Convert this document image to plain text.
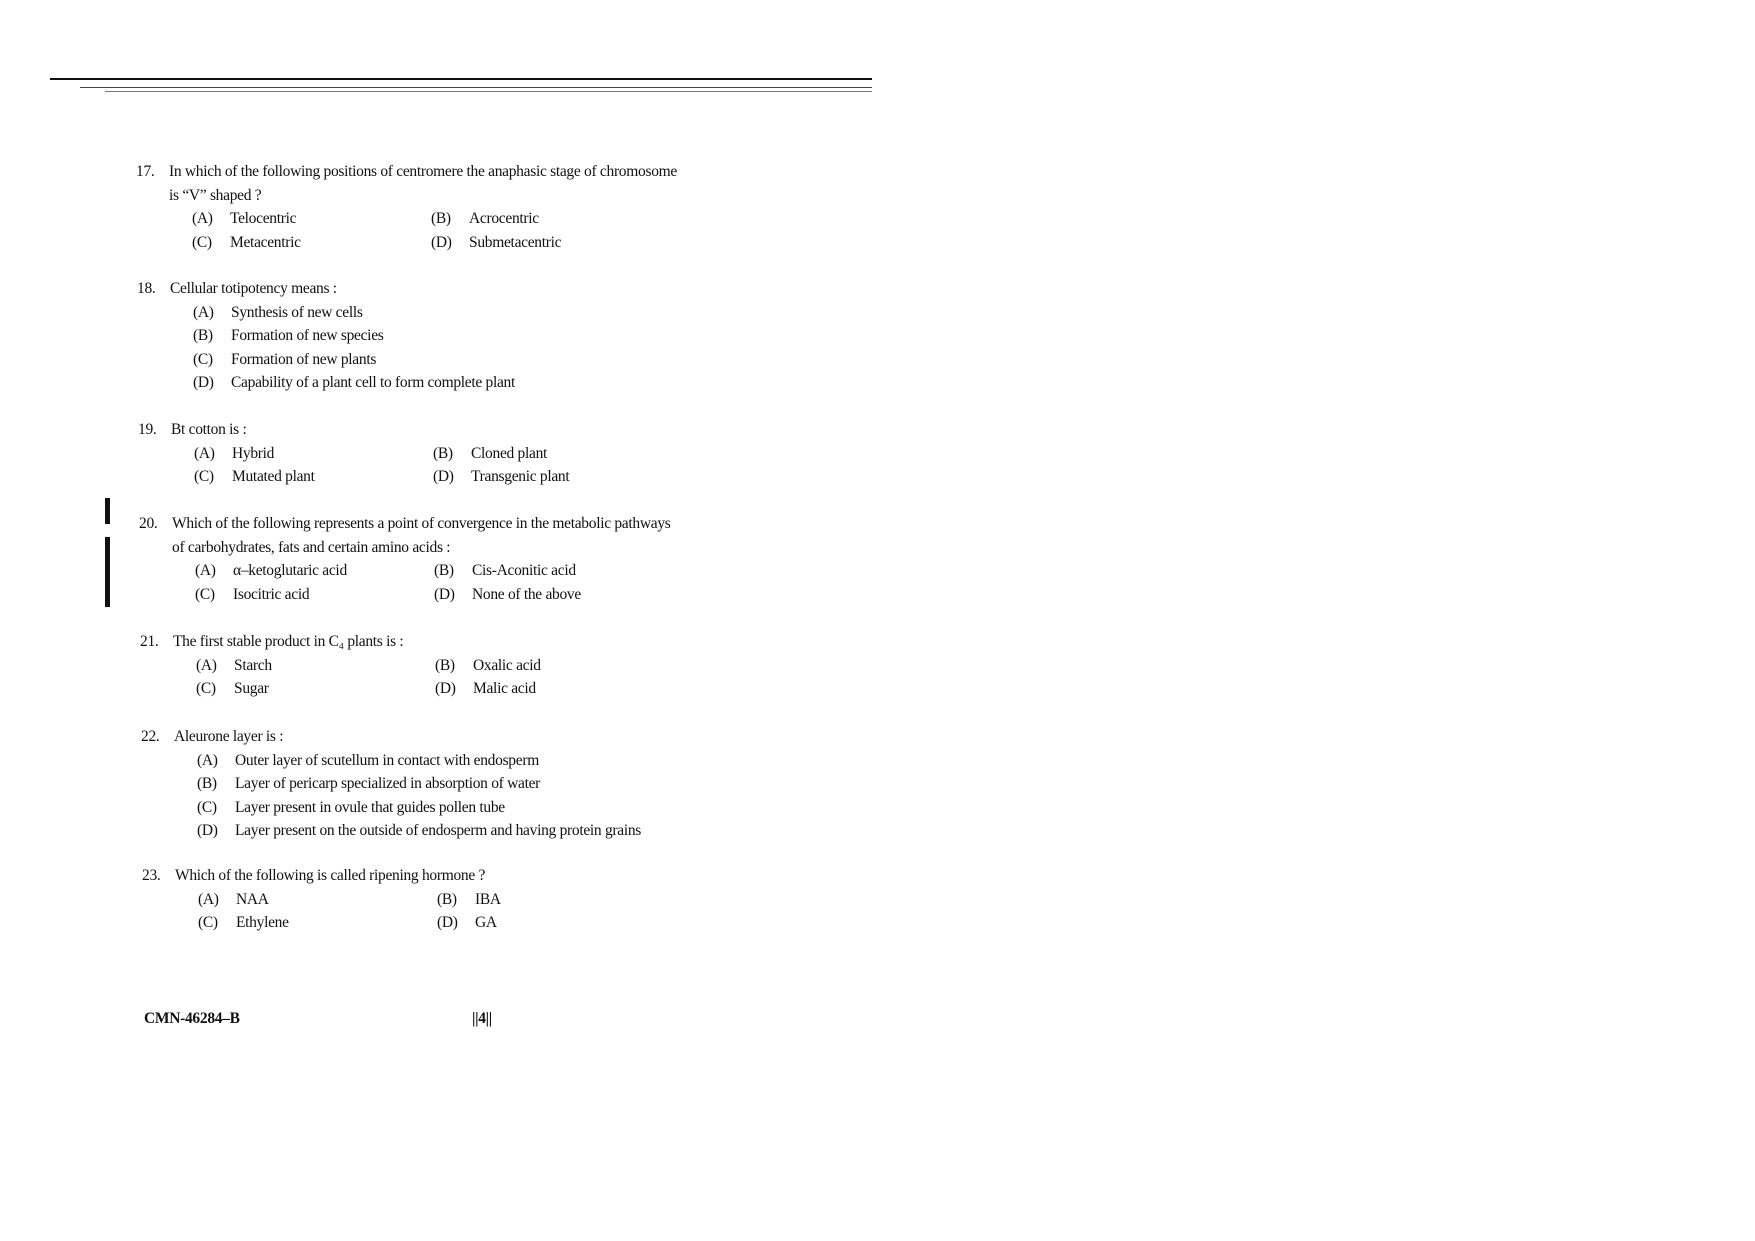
17. In which of the following positions of centromere the anaphasic stage of chromosome
is “V” shaped ?
(A) Telocentric	(B) Acrocentric
(C) Metacentric	(D) Submetacentric
18. Cellular totipotency means :
(A) Synthesis of new cells
(B) Formation of new species
(C) Formation of new plants
(D) Capability of a plant cell to form complete plant
19. Bt cotton is :
(A) Hybrid	(B) Cloned plant
(C) Mutated plant	(D) Transgenic plant
20. Which of the following represents a point of convergence in the metabolic pathways
of carbohydrates, fats and certain amino acids :
(A) α–ketoglutaric acid	(B) Cis-Aconitic acid
(C) Isocitric acid	(D) None of the above
21. The first stable product in C₄ plants is :
(A) Starch	(B) Oxalic acid
(C) Sugar	(D) Malic acid
22. Aleurone layer is :
(A) Outer layer of scutellum in contact with endosperm
(B) Layer of pericarp specialized in absorption of water
(C) Layer present in ovule that guides pollen tube
(D) Layer present on the outside of endosperm and having protein grains
23. Which of the following is called ripening hormone ?
(A) NAA	(B) IBA
(C) Ethylene	(D) GA
CMN-46284–B	||4||
